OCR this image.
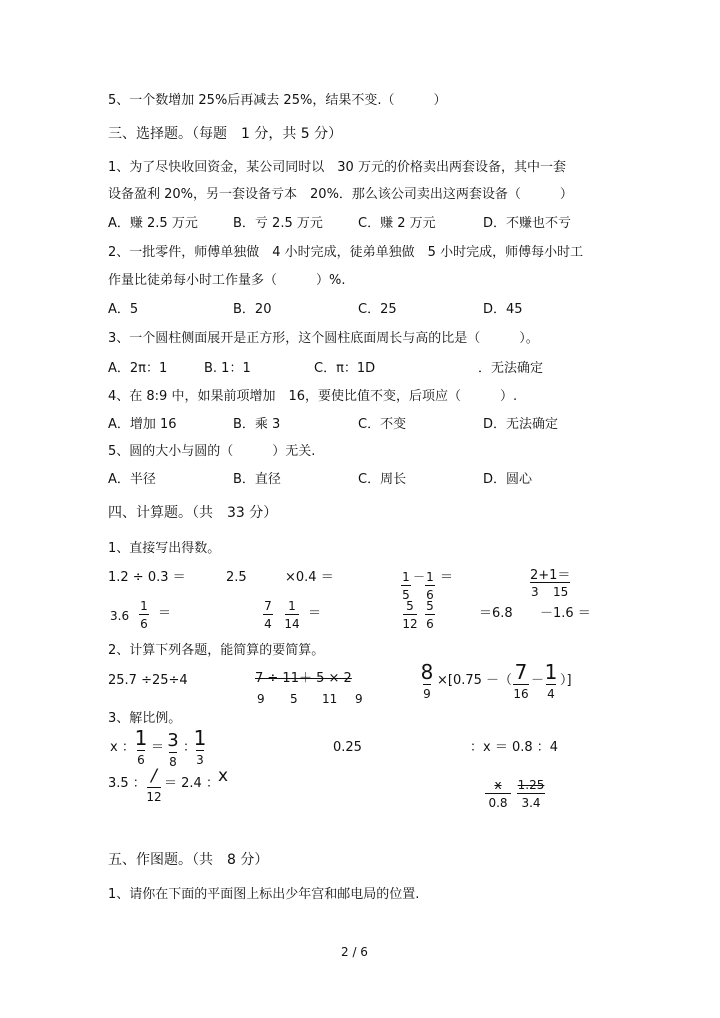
5、一个数增加 25%后再减去 25%，结果不变.（　　　）
三、选择题。（每题　1 分，共 5 分）
1、为了尽快收回资金，某公司同时以　30 万元的价格卖出两套设备，其中一套
设备盈利 20%，另一套设备亏本　20%．那么该公司卖出这两套设备（　　　）
A．赚 2.5 万元	B．亏 2.5 万元	C．赚 2 万元	D．不赚也不亏
2、一批零件，师傅单独做　4 小时完成，徒弟单独做　5 小时完成，师傅每小时工
作量比徒弟每小时工作量多（　　　）%.
A．5	B．20	C．25	D．45
3、一个圆柱侧面展开是正方形，这个圆柱底面周长与高的比是（　　　）。
A．2π：1	B. 1：1	C．π：1D	．无法确定
4、在 8:9 中，如果前项增加　16，要使比值不变，后项应（　　　）.
A．增加 16	B．乘 3	C．不变	D．无法确定
5、圆的大小与圆的（　　　）无关.
A．半径	B．直径	C．周长	D．圆心
四、计算题。（共　33 分）
1、直接写出得数。
1.2 ÷ 0.3 ＝	2.5	×0.4 ＝	1
5
－ 1
6
＝	2+1＝
3 15
3.6
1
6
＝	7
4
1
14
＝	5
12
5
6
＝6.8 －1.6 ＝
2、计算下列各题，能简算的要简算。
25.7 ÷25÷4	7 ÷ 11＋ 5 × 2
9 5 11 9
8
9
×[0.75 －（ 7
16
－ 1
4
）]
3、解比例。
x ： 1
6
＝ 3
8
：
1
3
0.25	：x ＝ 0.8 ：4
3.5 ： /
12
＝ 2.4 ： x	x
0.8
1.25
3.4
五、作图题。（共　8 分）
1、请你在下面的平面图上标出少年宫和邮电局的位置.
2 / 6
